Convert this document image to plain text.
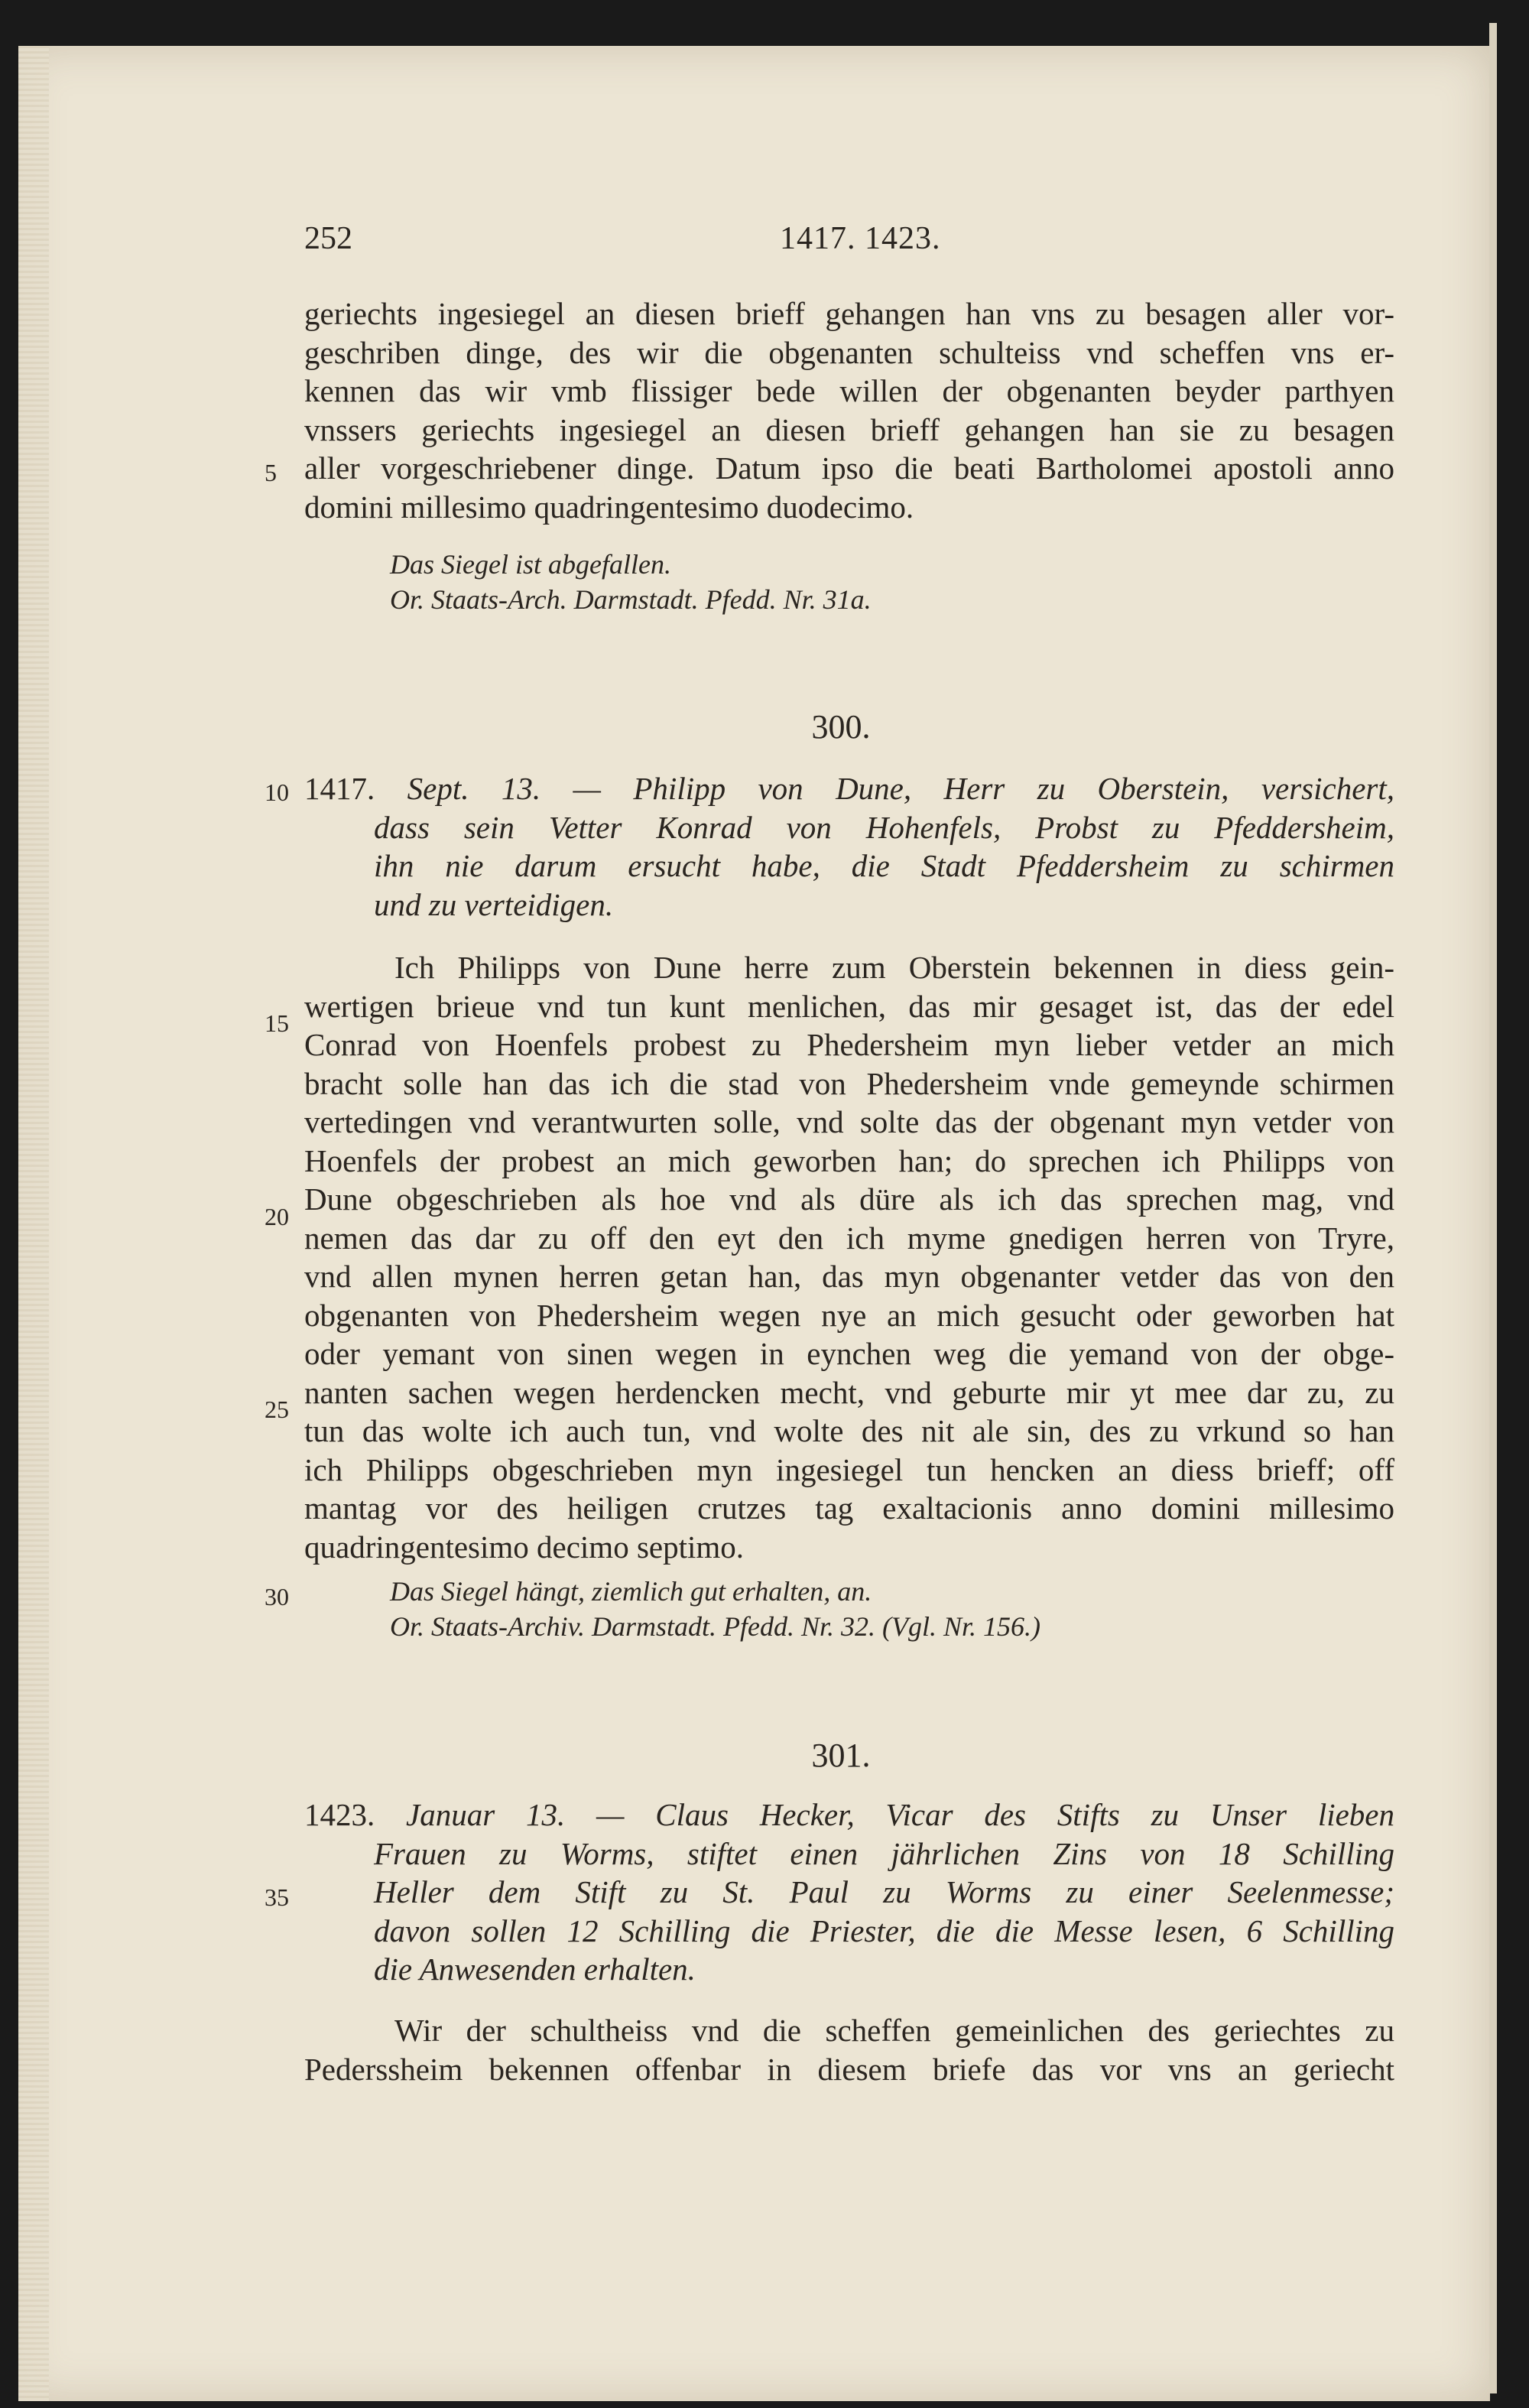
252	1417. 1423.
geriechts ingesiegel an diesen brieff gehangen han vns zu besagen aller vor-
geschriben dinge, des wir die obgenanten schulteiss vnd scheffen vns er-
kennen das wir vmb flissiger bede willen der obgenanten beyder parthyen
vnssers geriechts ingesiegel an diesen brieff gehangen han sie zu besagen
aller vorgeschriebener dinge. Datum ipso die beati Bartholomei apostoli anno
domini millesimo quadringentesimo duodecimo.
5
Das Siegel ist abgefallen.
Or. Staats-Arch. Darmstadt. Pfedd. Nr. 31a.
300.
10 1417. Sept. 13. — Philipp von Dune, Herr zu Oberstein, versichert,
dass sein Vetter Konrad von Hohenfels, Probst zu Pfeddersheim,
ihn nie darum ersucht habe, die Stadt Pfeddersheim zu schirmen
und zu verteidigen.
Ich Philipps von Dune herre zum Oberstein bekennen in diess gein-
wertigen brieue vnd tun kunt menlichen, das mir gesaget ist, das der edel
Conrad von Hoenfels probest zu Phedersheim myn lieber vetder an mich
bracht solle han das ich die stad von Phedersheim vnde gemeynde schirmen
vertedingen vnd verantwurten solle, vnd solte das der obgenant myn vetder von
Hoenfels der probest an mich geworben han; do sprechen ich Philipps von
Dune obgeschrieben als hoe vnd als düre als ich das sprechen mag, vnd
nemen das dar zu off den eyt den ich myme gnedigen herren von Tryre,
vnd allen mynen herren getan han, das myn obgenanter vetder das von den
obgenanten von Phedersheim wegen nye an mich gesucht oder geworben hat
oder yemant von sinen wegen in eynchen weg die yemand von der obge-
nanten sachen wegen herdencken mecht, vnd geburte mir yt mee dar zu, zu
tun das wolte ich auch tun, vnd wolte des nit ale sin, des zu vrkund so han
ich Philipps obgeschrieben myn ingesiegel tun hencken an diess brieff; off
mantag vor des heiligen crutzes tag exaltacionis anno domini millesimo
quadringentesimo decimo septimo.
15
20
25
30	Das Siegel hängt, ziemlich gut erhalten, an.
Or. Staats-Archiv. Darmstadt. Pfedd. Nr. 32. (Vgl. Nr. 156.)
301.
1423. Januar 13. — Claus Hecker, Vicar des Stifts zu Unser lieben
Frauen zu Worms, stiftet einen jährlichen Zins von 18 Schilling
Heller dem Stift zu St. Paul zu Worms zu einer Seelenmesse;
davon sollen 12 Schilling die Priester, die die Messe lesen, 6 Schilling
die Anwesenden erhalten.
35
Wir der schultheiss vnd die scheffen gemeinlichen des geriechtes zu
Pederssheim bekennen offenbar in diesem briefe das vor vns an geriecht
